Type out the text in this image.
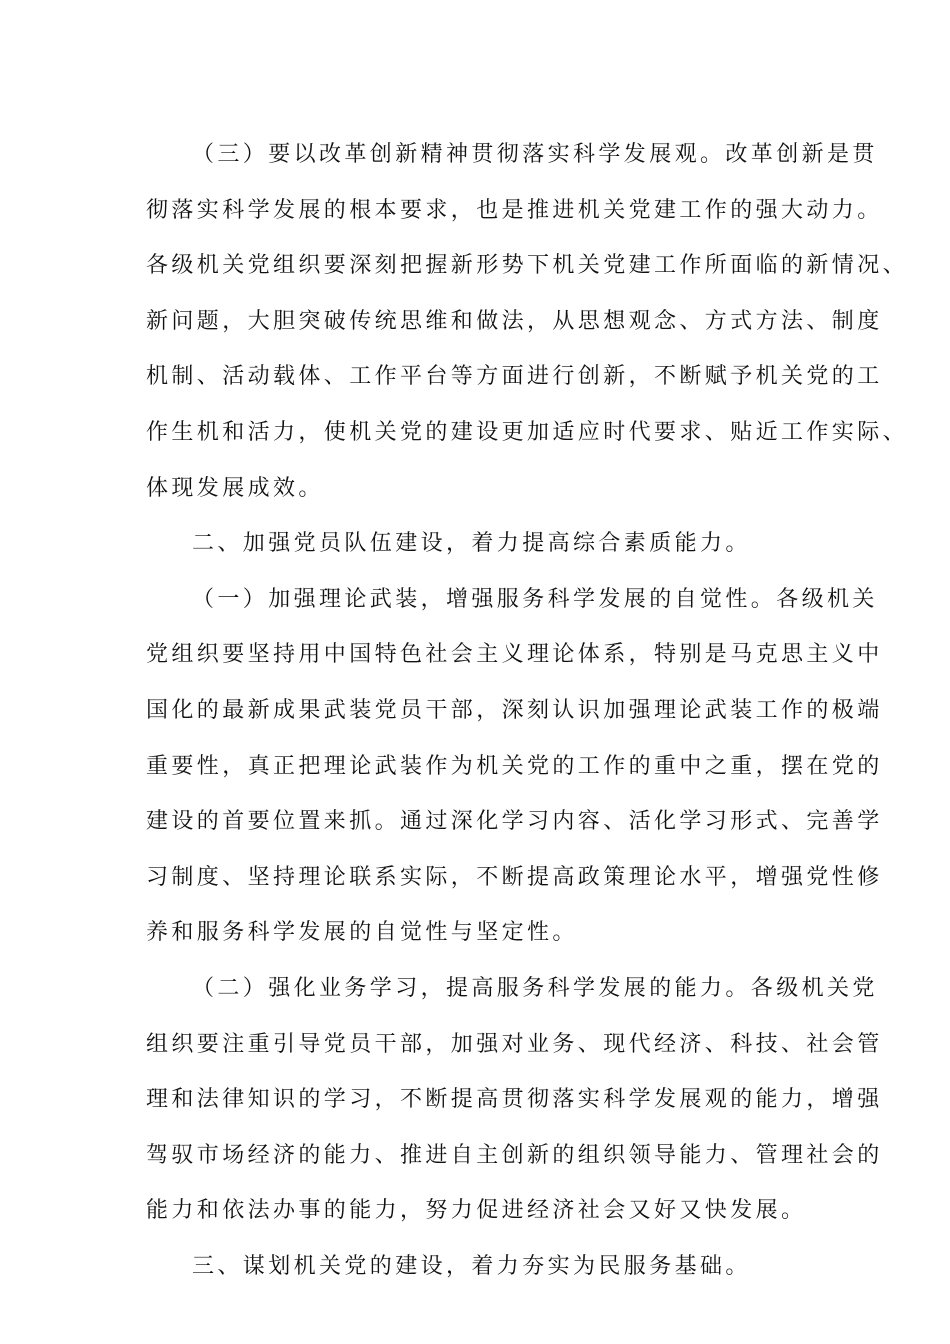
（三）要以改革创新精神贯彻落实科学发展观。改革创新是贯
彻落实科学发展的根本要求，也是推进机关党建工作的强大动力。
各级机关党组织要深刻把握新形势下机关党建工作所面临的新情况、
新问题，大胆突破传统思维和做法，从思想观念、方式方法、制度
机制、活动载体、工作平台等方面进行创新，不断赋予机关党的工
作生机和活力，使机关党的建设更加适应时代要求、贴近工作实际、
体现发展成效。
二、加强党员队伍建设，着力提高综合素质能力。
（一）加强理论武装，增强服务科学发展的自觉性。各级机关
党组织要坚持用中国特色社会主义理论体系，特别是马克思主义中
国化的最新成果武装党员干部，深刻认识加强理论武装工作的极端
重要性，真正把理论武装作为机关党的工作的重中之重，摆在党的
建设的首要位置来抓。通过深化学习内容、活化学习形式、完善学
习制度、坚持理论联系实际，不断提高政策理论水平，增强党性修
养和服务科学发展的自觉性与坚定性。
（二）强化业务学习，提高服务科学发展的能力。各级机关党
组织要注重引导党员干部，加强对业务、现代经济、科技、社会管
理和法律知识的学习，不断提高贯彻落实科学发展观的能力，增强
驾驭市场经济的能力、推进自主创新的组织领导能力、管理社会的
能力和依法办事的能力，努力促进经济社会又好又快发展。
三、谋划机关党的建设，着力夯实为民服务基础。
